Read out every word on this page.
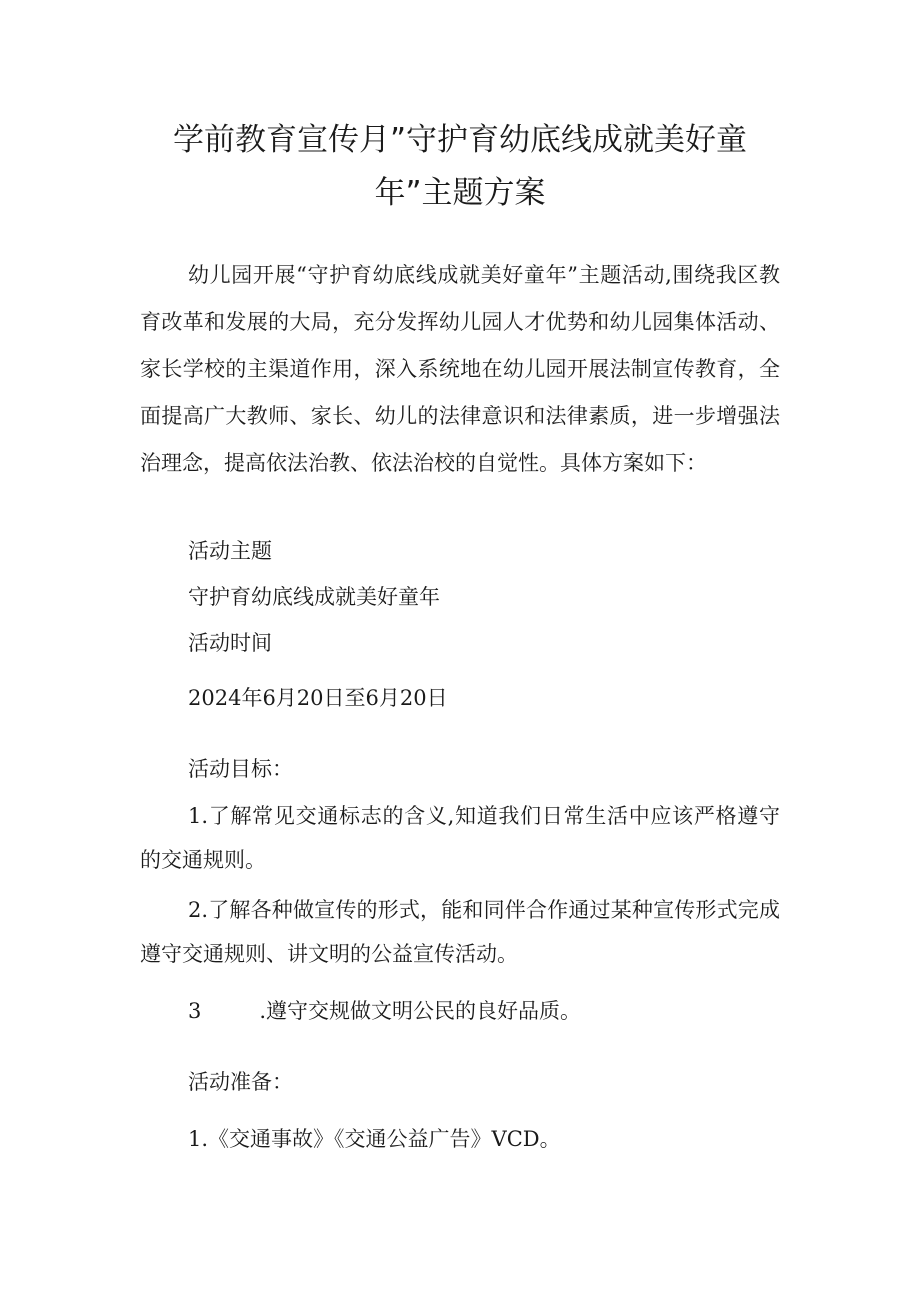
学前教育宣传月”守护育幼底线成就美好童
年”主题方案

幼儿园开展“守护育幼底线成就美好童年”主题活动,围绕我区教育改革和发展的大局，充分发挥幼儿园人才优势和幼儿园集体活动、家长学校的主渠道作用，深入系统地在幼儿园开展法制宣传教育，全面提高广大教师、家长、幼儿的法律意识和法律素质，进一步增强法治理念，提高依法治教、依法治校的自觉性。具体方案如下：

活动主题

守护育幼底线成就美好童年

活动时间

2024年6月20日至6月20日

活动目标：

1.了解常见交通标志的含义,知道我们日常生活中应该严格遵守的交通规则。

2.了解各种做宣传的形式，能和同伴合作通过某种宣传形式完成遵守交通规则、讲文明的公益宣传活动。

3	.遵守交规做文明公民的良好品质。

活动准备：

1.《交通事故》《交通公益广告》VCD。
